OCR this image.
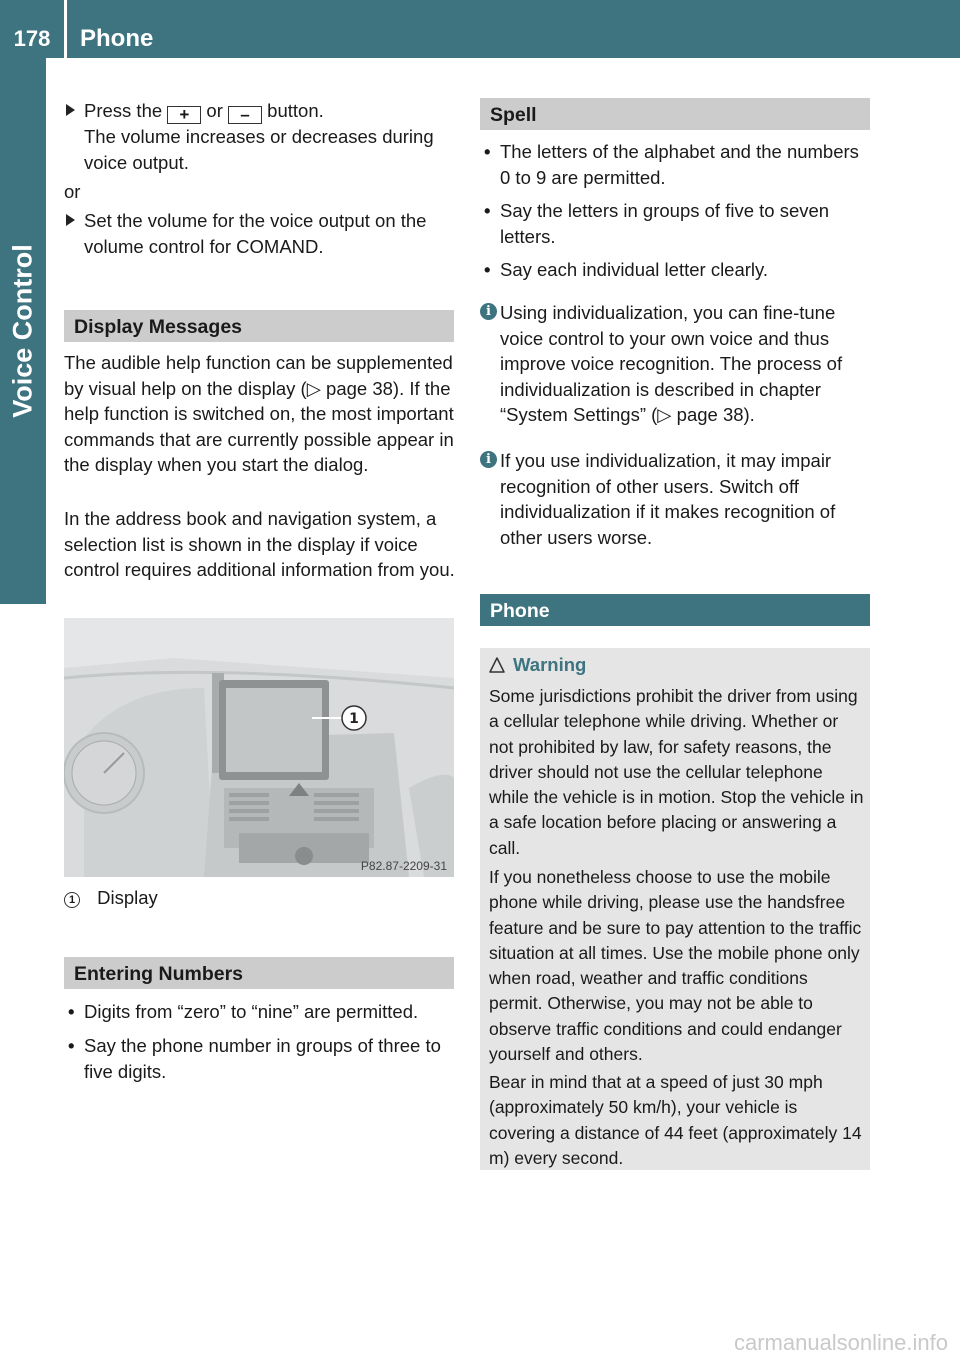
178	Phone
Voice Control

Press the + or – button.

The volume increases or decreases during voice output.

or

Set the volume for the voice output on the volume control for COMAND.

Display Messages

The audible help function can be supplemented by visual help on the display (▷ page 38). If the help function is switched on, the most important commands that are currently possible appear in the display when you start the dialog.

In the address book and navigation system, a selection list is shown in the display if voice control requires additional information from you.

1
P82.87-2209-31
1 Display
Entering Numbers
• Digits from “zero” to “nine” are permitted.

• Say the phone number in groups of three to five digits.

Spell
• The letters of the alphabet and the numbers 0 to 9 are permitted.

• Say the letters in groups of five to seven letters.

• Say each individual letter clearly.

i Using individualization, you can fine-tune voice control to your own voice and thus improve voice recognition. The process of individualization is described in chapter “System Settings” (▷ page 38).

i If you use individualization, it may impair recognition of other users. Switch off individualization if it makes recognition of other users worse.

Phone
Warning

Some jurisdictions prohibit the driver from using a cellular telephone while driving. Whether or not prohibited by law, for safety reasons, the driver should not use the cellular telephone while the vehicle is in motion. Stop the vehicle in a safe location before placing or answering a call.

If you nonetheless choose to use the mobile phone while driving, please use the handsfree feature and be sure to pay attention to the traffic situation at all times. Use the mobile phone only when road, weather and traffic conditions permit. Otherwise, you may not be able to observe traffic conditions and could endanger yourself and others.

Bear in mind that at a speed of just 30 mph (approximately 50 km/h), your vehicle is covering a distance of 44 feet (approximately 14 m) every second.

carmanualsonline.info
